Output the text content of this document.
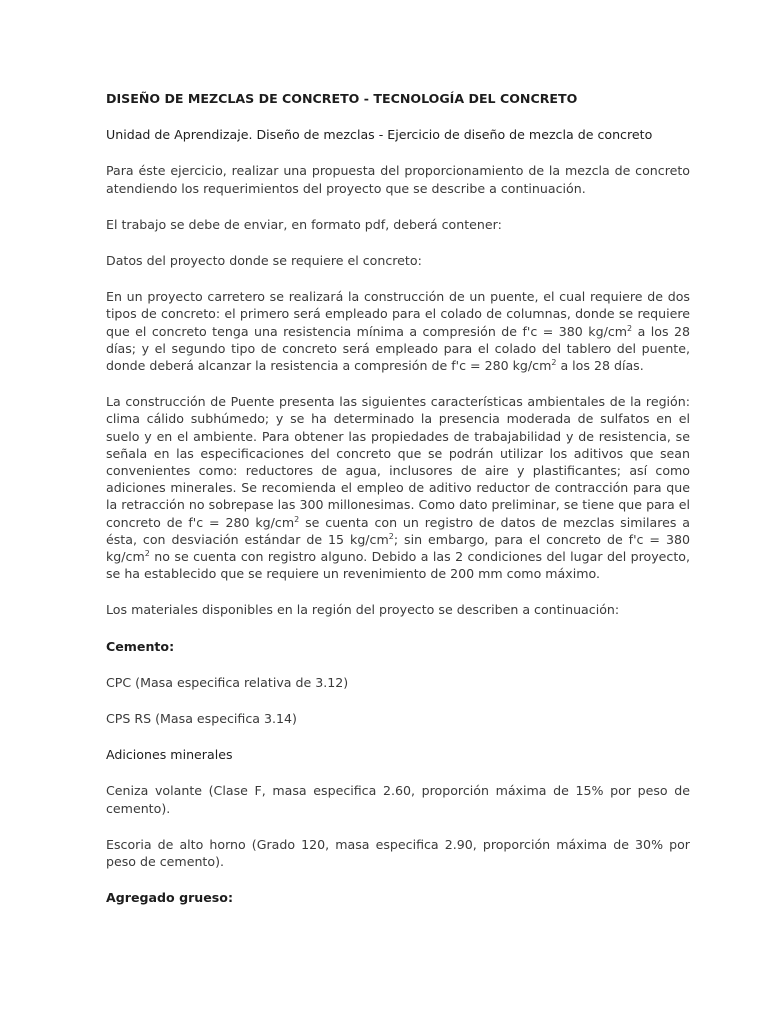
DISEÑO DE MEZCLAS DE CONCRETO - TECNOLOGÍA DEL CONCRETO

Unidad de Aprendizaje. Diseño de mezclas - Ejercicio de diseño de mezcla de concreto

Para éste ejercicio, realizar una propuesta del proporcionamiento de la mezcla de concreto atendiendo los requerimientos del proyecto que se describe a continuación.

El trabajo se debe de enviar, en formato pdf, deberá contener:

Datos del proyecto donde se requiere el concreto:

En un proyecto carretero se realizará la construcción de un puente, el cual requiere de dos tipos de concreto: el primero será empleado para el colado de columnas, donde se requiere que el concreto tenga una resistencia mínima a compresión de f'c = 380 $kg/cm^2$ a los 28 días; y el segundo tipo de concreto será empleado para el colado del tablero del puente, donde deberá alcanzar la resistencia a compresión de f'c = 280 $kg/cm^2$ a los 28 días.

La construcción de Puente presenta las siguientes características ambientales de la región: clima cálido subhúmedo; y se ha determinado la presencia moderada de sulfatos en el suelo y en el ambiente. Para obtener las propiedades de trabajabilidad y de resistencia, se señala en las especificaciones del concreto que se podrán utilizar los aditivos que sean convenientes como: reductores de agua, inclusores de aire y plastificantes; así como adiciones minerales. Se recomienda el empleo de aditivo reductor de contracción para que la retracción no sobrepase las 300 millonesimas. Como dato preliminar, se tiene que para el concreto de f'c = 280 $kg/cm^2$ se cuenta con un registro de datos de mezclas similares a ésta, con desviación estándar de 15 $kg/cm^2$; sin embargo, para el concreto de f'c = 380 $kg/cm^2$ no se cuenta con registro alguno. Debido a las 2 condiciones del lugar del proyecto, se ha establecido que se requiere un revenimiento de 200 mm como máximo.

Los materiales disponibles en la región del proyecto se describen a continuación:

Cemento:

CPC (Masa especifica relativa de 3.12)

CPS RS (Masa especifica 3.14)

Adiciones minerales

Ceniza volante (Clase F, masa especifica 2.60, proporción máxima de 15% por peso de cemento).

Escoria de alto horno (Grado 120, masa especifica 2.90, proporción máxima de 30% por peso de cemento).

Agregado grueso:
